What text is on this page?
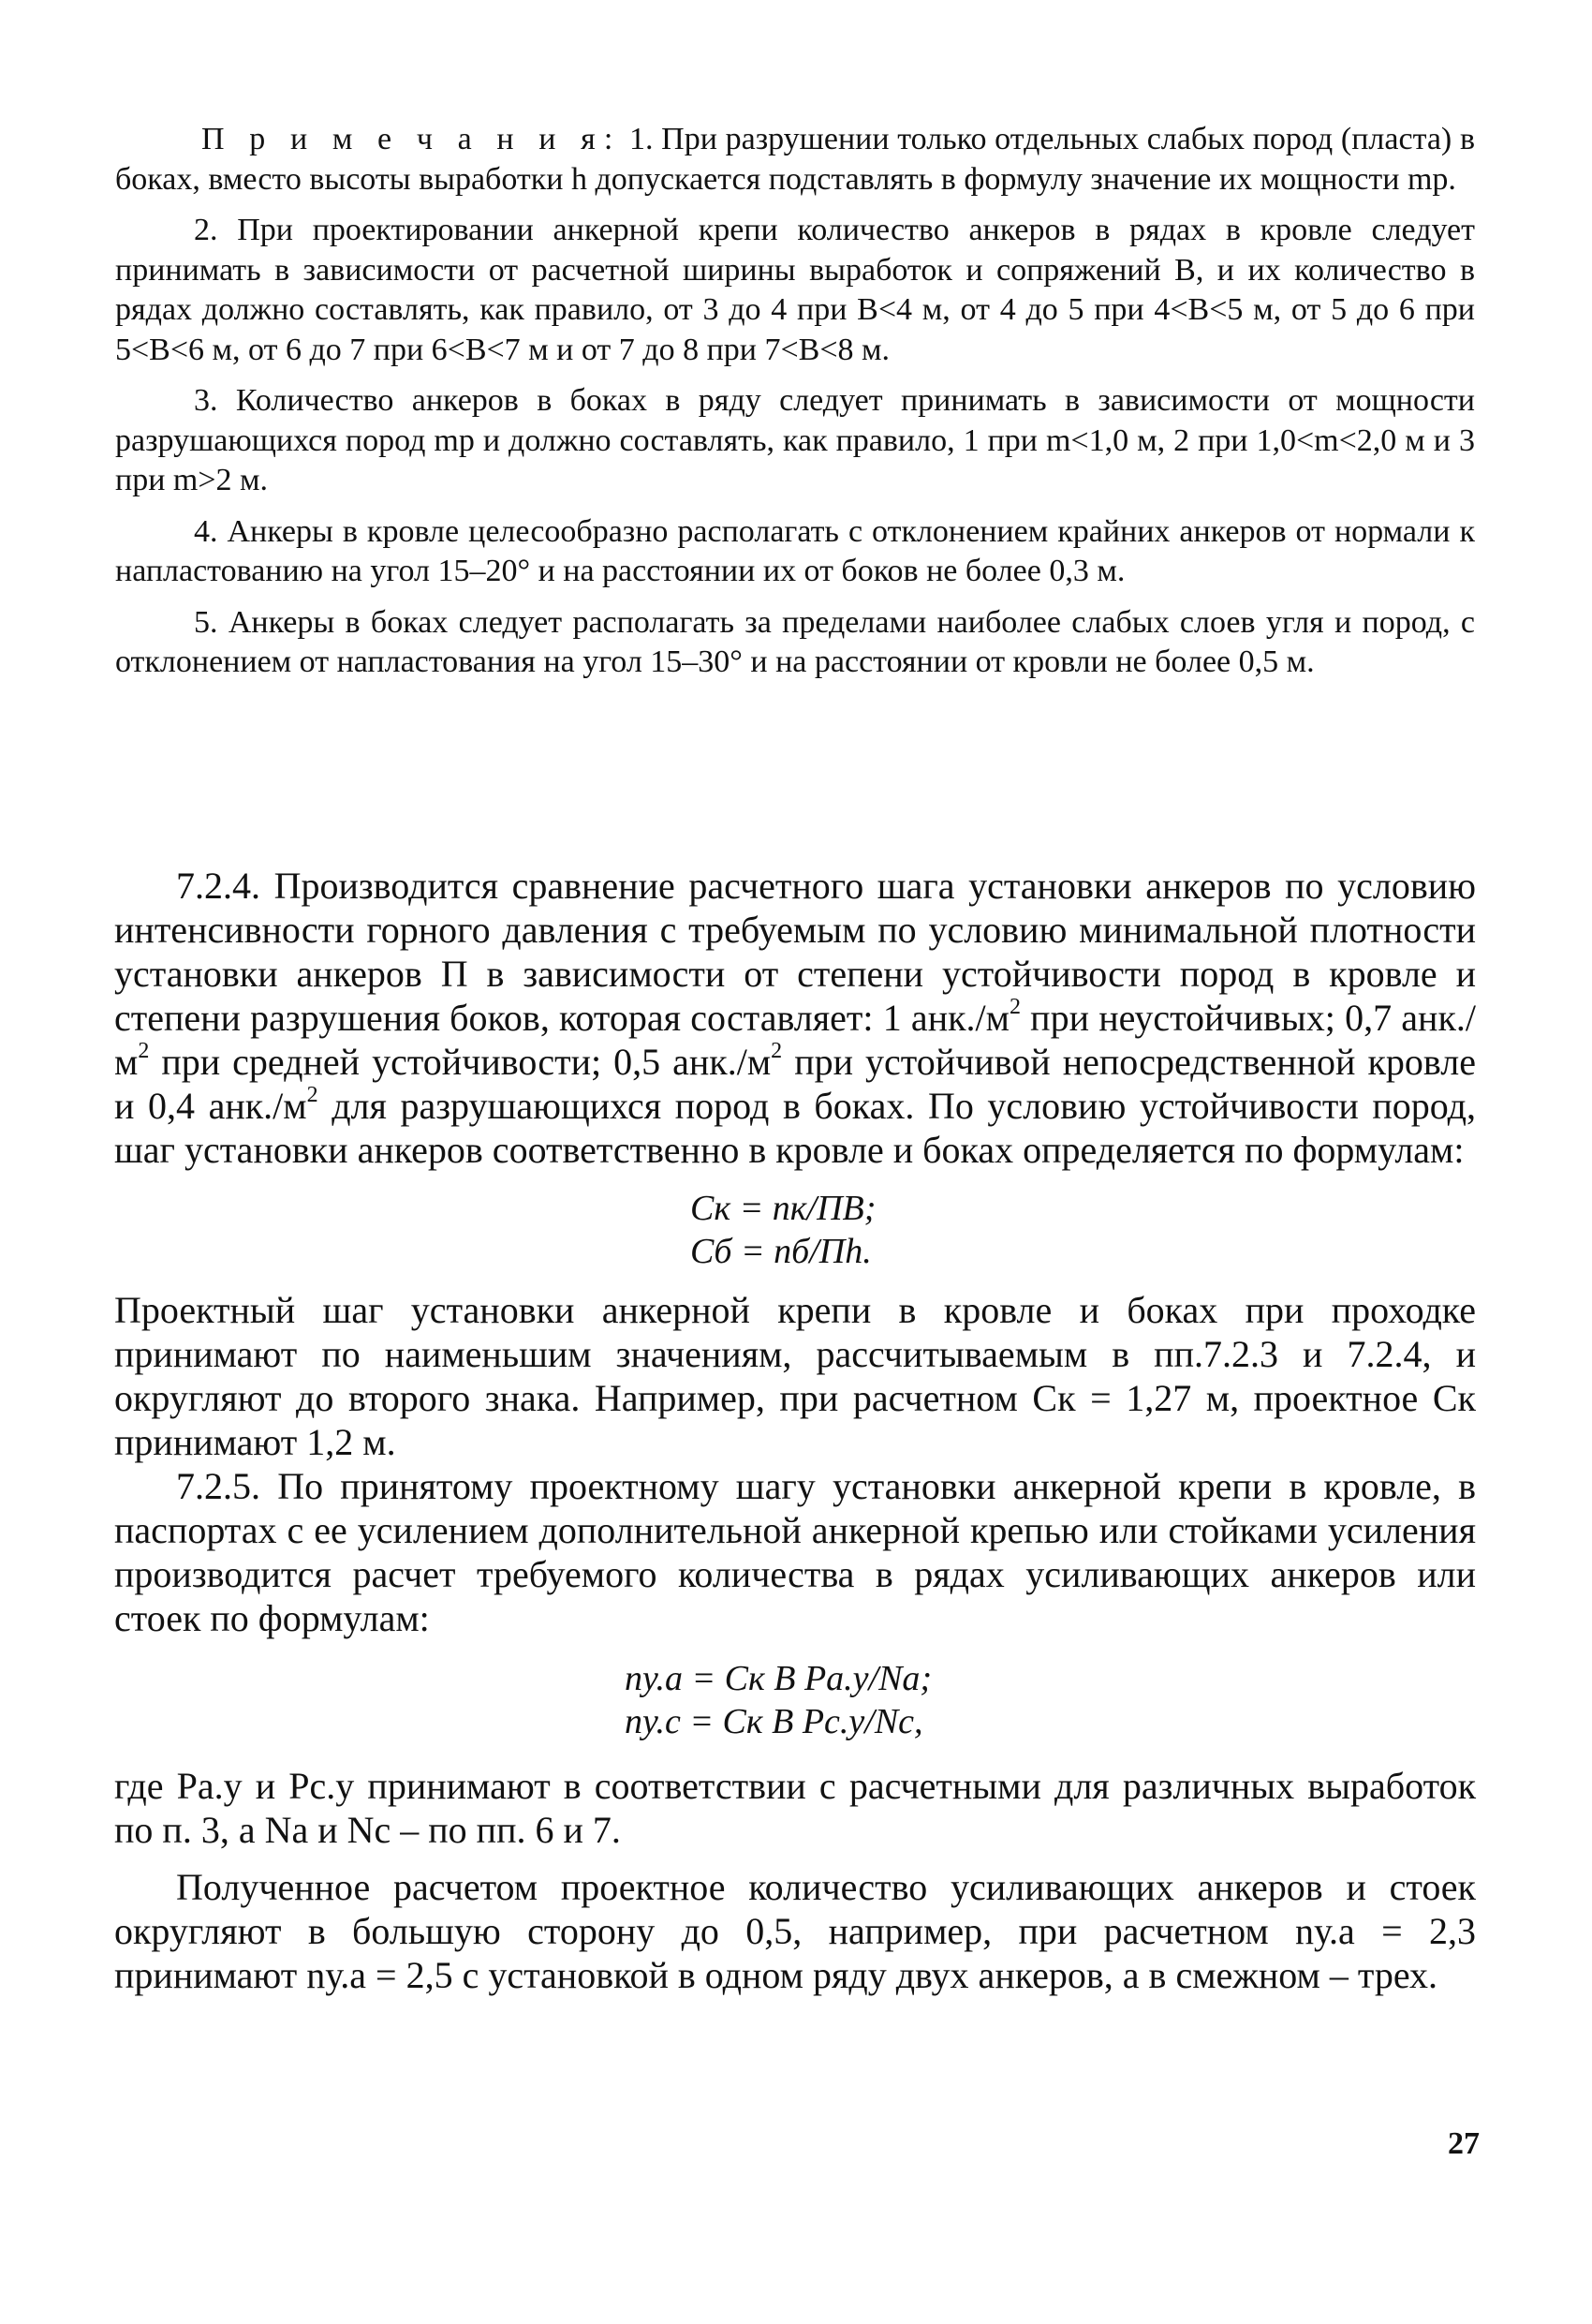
П р и м е ч а н и я: 1. При разрушении только отдельных слабых пород (пласта) в боках, вместо высоты выработки h допускается подставлять в формулу значение их мощности mр.

2. При проектировании анкерной крепи количество анкеров в рядах в кровле следует принимать в зависимости от расчетной ширины выработок и сопряжений B, и их количество в рядах должно составлять, как правило, от 3 до 4 при B<4 м, от 4 до 5 при 4<B<5 м, от 5 до 6 при 5<B<6 м, от 6 до 7 при 6<B<7 м и от 7 до 8 при 7<B<8 м.

3. Количество анкеров в боках в ряду следует принимать в зависимости от мощности разрушающихся пород mр и должно составлять, как правило, 1 при m<1,0 м, 2 при 1,0<m<2,0 м и 3 при m>2 м.

4. Анкеры в кровле целесообразно располагать с отклонением крайних анкеров от нормали к напластованию на угол 15–20° и на расстоянии их от боков не более 0,3 м.

5. Анкеры в боках следует располагать за пределами наиболее слабых слоев угля и пород, с отклонением от напластования на угол 15–30° и на расстоянии от кровли не более 0,5 м.

7.2.4. Производится сравнение расчетного шага установки анкеров по условию интенсивности горного давления с требуемым по условию минимальной плотности установки анкеров П в зависимости от степени устойчивости пород в кровле и степени разрушения боков, которая составляет: 1 $анк./м^2$ при неустойчивых; 0,7 $анк./м^2$ при средней устойчивости; 0,5 $анк./м^2$ при устойчивой непосредственной кровле и 0,4 $анк./м^2$ для разрушающихся пород в боках. По условию устойчивости пород, шаг установки анкеров соответственно в кровле и боках определяется по формулам:

Cк = nк/ПB;
Cб = nб/Пh.

Проектный шаг установки анкерной крепи в кровле и боках при проходке принимают по наименьшим значениям, рассчитываемым в пп.7.2.3 и 7.2.4, и округляют до второго знака. Например, при расчетном Cк = 1,27 м, проектное Cк принимают 1,2 м.

7.2.5. По принятому проектному шагу установки анкерной крепи в кровле, в паспортах с ее усилением дополнительной анкерной крепью или стойками усиления производится расчет требуемого количества в рядах усиливающих анкеров или стоек по формулам:

nу.а = Cк B Pа.у/Nа;
nу.с = Cк B Pс.у/Nс,

где Pа.у и Pс.у принимают в соответствии с расчетными для различных выработок по п. 3, а Nа и Nс – по пп. 6 и 7.

Полученное расчетом проектное количество усиливающих анкеров и стоек округляют в большую сторону до 0,5, например, при расчетном nу.а = 2,3 принимают nу.а = 2,5 с установкой в одном ряду двух анкеров, а в смежном – трех.

27
